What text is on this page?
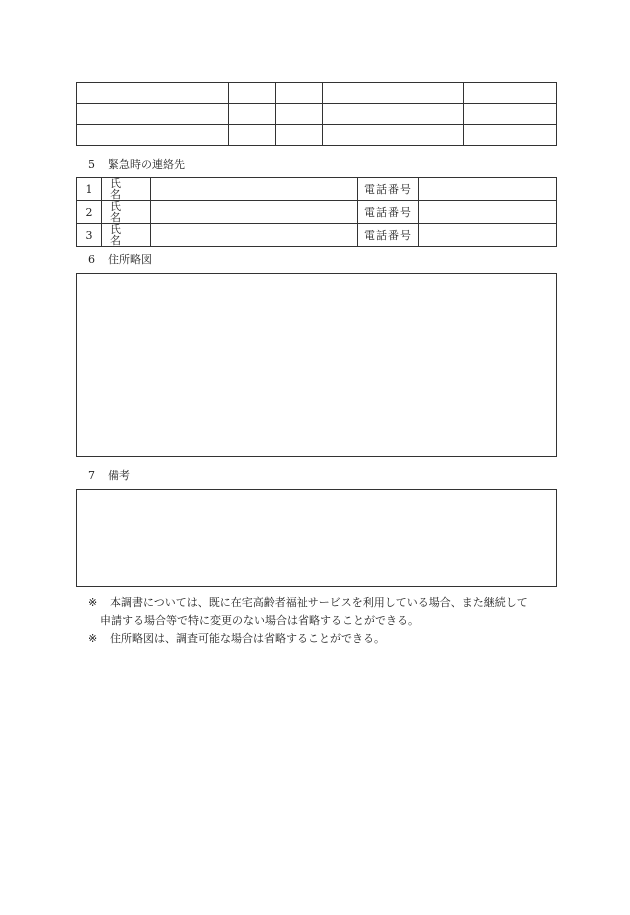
5 緊急時の連絡先
1	氏名		電話番号	
2	氏名		電話番号	
3	氏名		電話番号	
6 住所略図
7 備考
※	本調書については、既に在宅高齢者福祉サービスを利用している場合、また継続して
申請する場合等で特に変更のない場合は省略することができる。
※	住所略図は、調査可能な場合は省略することができる。
